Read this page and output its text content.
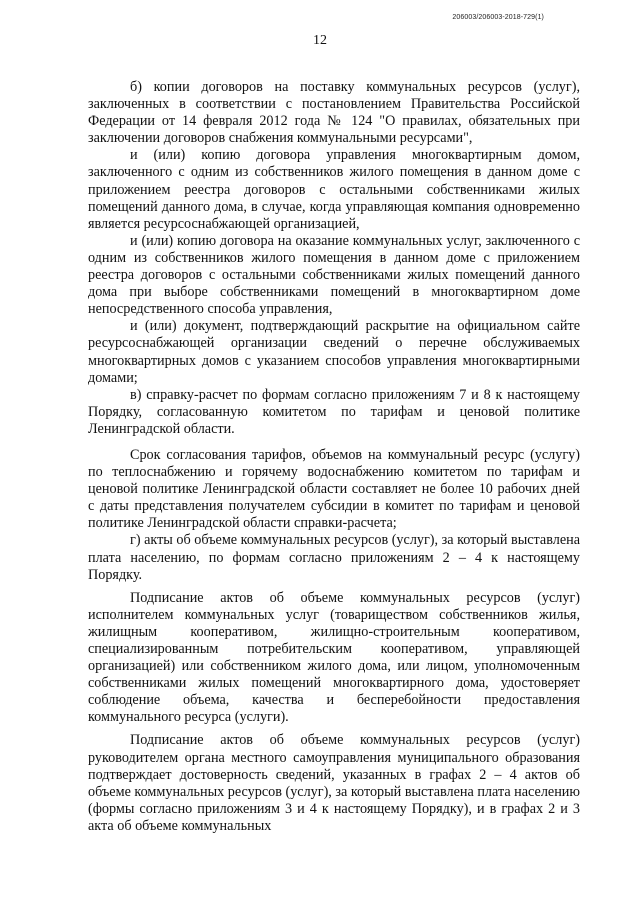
206003/206003-2018-729(1)
12

б) копии договоров на поставку коммунальных ресурсов (услуг), заключенных в соответствии с постановлением Правительства Российской Федерации от 14 февраля 2012 года № 124 "О правилах, обязательных при заключении договоров снабжения коммунальными ресурсами",

и (или) копию договора управления многоквартирным домом, заключенного с одним из собственников жилого помещения в данном доме с приложением реестра договоров с остальными собственниками жилых помещений данного дома, в случае, когда управляющая компания одновременно является ресурсоснабжающей организацией,

и (или) копию договора на оказание коммунальных услуг, заключенного с одним из собственников жилого помещения в данном доме с приложением реестра договоров с остальными собственниками жилых помещений данного дома при выборе собственниками помещений в многоквартирном доме непосредственного способа управления,

и (или) документ, подтверждающий раскрытие на официальном сайте ресурсоснабжающей организации сведений о перечне обслуживаемых многоквартирных домов с указанием способов управления многоквартирными домами;

в) справку-расчет по формам согласно приложениям 7 и 8 к настоящему Порядку, согласованную комитетом по тарифам и ценовой политике Ленинградской области.

Срок согласования тарифов, объемов на коммунальный ресурс (услугу) по теплоснабжению и горячему водоснабжению комитетом по тарифам и ценовой политике Ленинградской области составляет не более 10 рабочих дней с даты представления получателем субсидии в комитет по тарифам и ценовой политике Ленинградской области справки-расчета;

г) акты об объеме коммунальных ресурсов (услуг), за который выставлена плата населению, по формам согласно приложениям 2 – 4 к настоящему Порядку.

Подписание актов об объеме коммунальных ресурсов (услуг) исполнителем коммунальных услуг (товариществом собственников жилья, жилищным кооперативом, жилищно-строительным кооперативом, специализированным потребительским кооперативом, управляющей организацией) или собственником жилого дома, или лицом, уполномоченным собственниками жилых помещений многоквартирного дома, удостоверяет соблюдение объема, качества и бесперебойности предоставления коммунального ресурса (услуги).

Подписание актов об объеме коммунальных ресурсов (услуг) руководителем органа местного самоуправления муниципального образования подтверждает достоверность сведений, указанных в графах 2 – 4 актов об объеме коммунальных ресурсов (услуг), за который выставлена плата населению (формы согласно приложениям 3 и 4 к настоящему Порядку), и в графах 2 и 3 акта об объеме коммунальных
